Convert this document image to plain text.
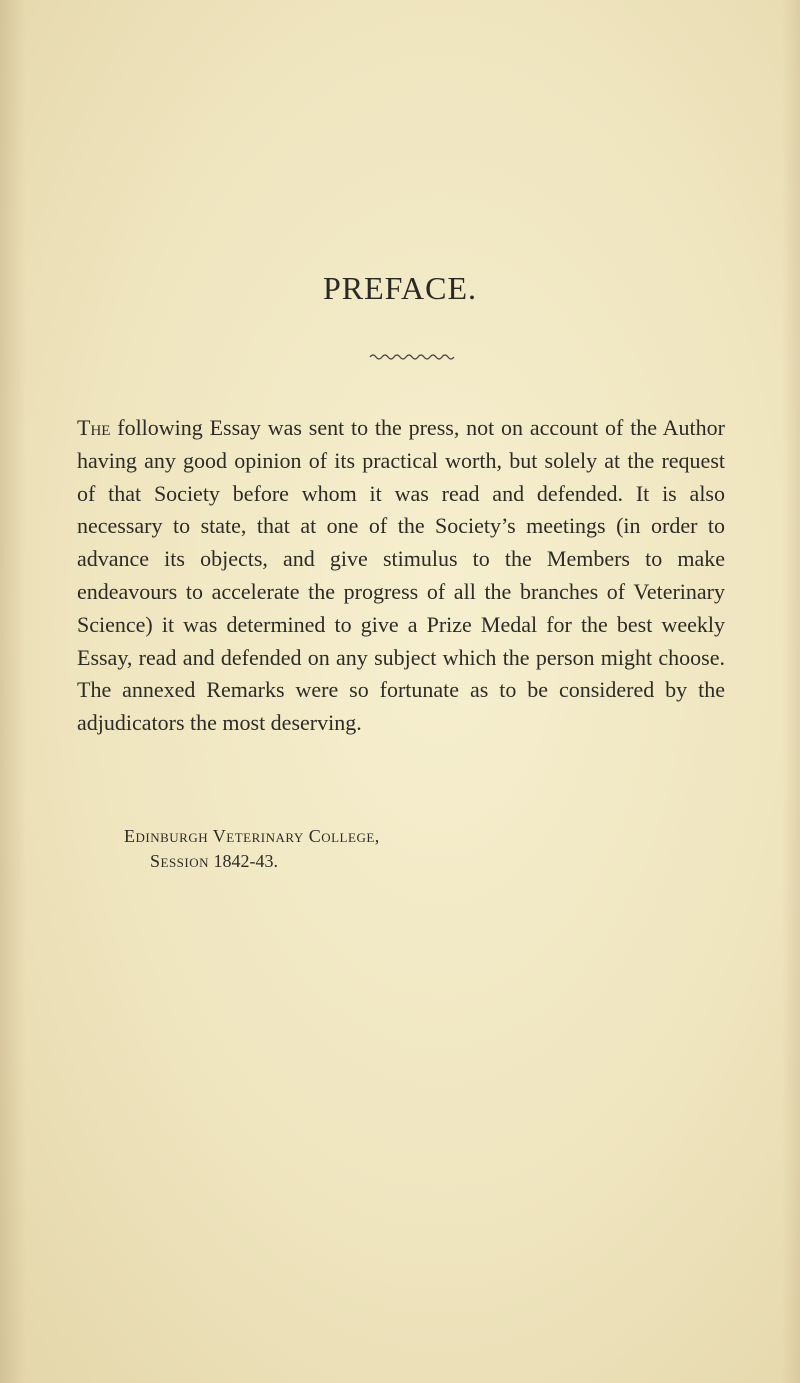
PREFACE.

The following Essay was sent to the press, not on account of the Author having any good opinion of its practical worth, but solely at the request of that Society before whom it was read and defended. It is also necessary to state, that at one of the Society’s meetings (in order to advance its objects, and give stimulus to the Members to make endeavours to accelerate the progress of all the branches of Veterinary Science) it was determined to give a Prize Medal for the best weekly Essay, read and defended on any subject which the person might choose. The annexed Remarks were so fortunate as to be considered by the adjudicators the most deserving.

Edinburgh Veterinary College,
Session 1842-43.
